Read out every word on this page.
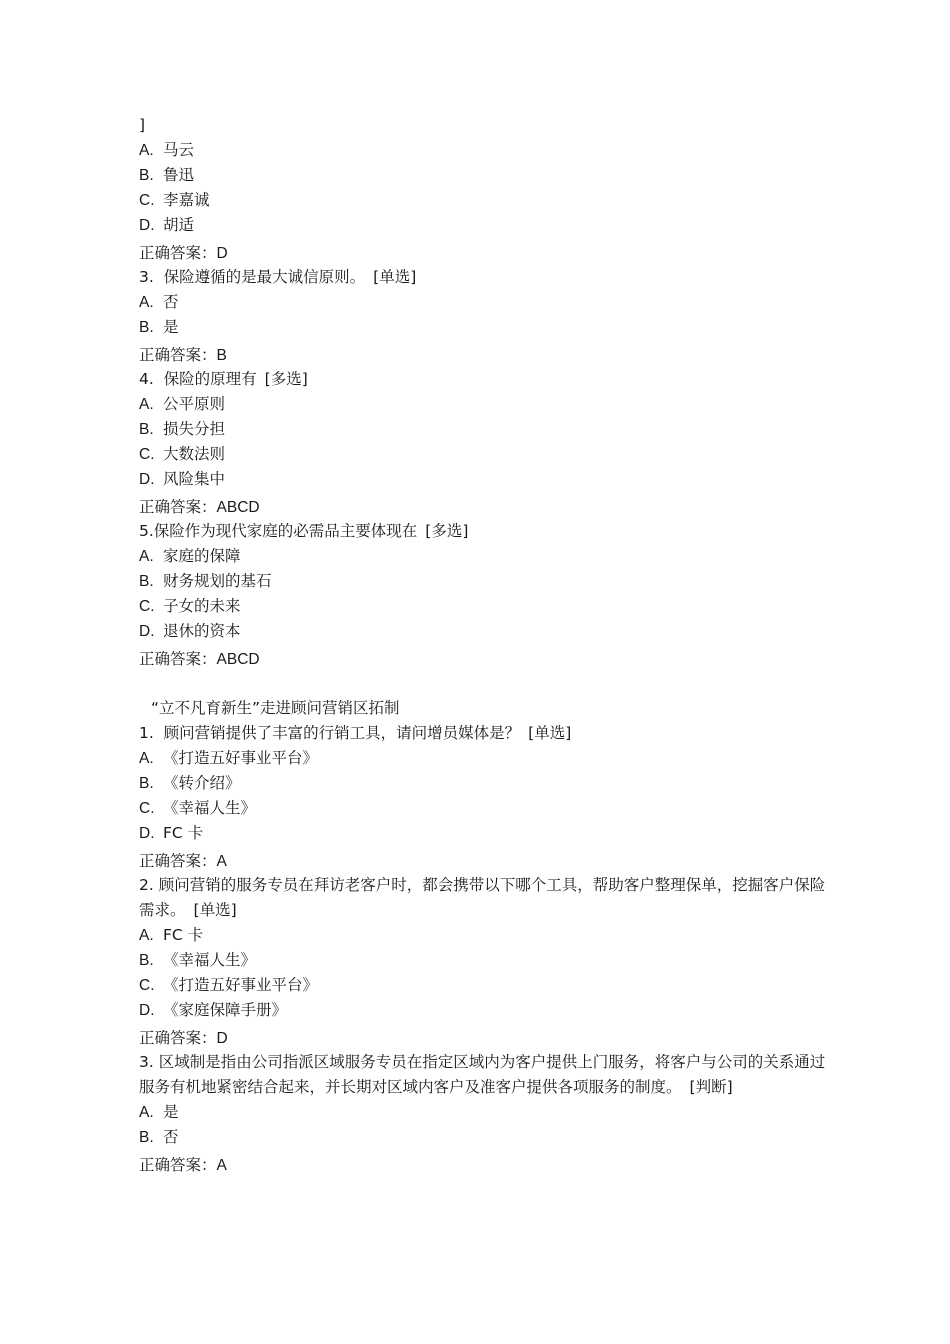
]
A. 马云
B. 鲁迅
C. 李嘉诚
D. 胡适
正确答案：D
3.  保险遵循的是最大诚信原则。 [单选]
A. 否
B. 是
正确答案：B
4.  保险的原理有 [多选]
A. 公平原则
B. 损失分担
C. 大数法则
D. 风险集中
正确答案：ABCD
5.保险作为现代家庭的必需品主要体现在 [多选]
A. 家庭的保障
B. 财务规划的基石
C. 子女的未来
D. 退休的资本
正确答案：ABCD
“立不凡育新生”走进顾问营销区拓制
1.  顾问营销提供了丰富的行销工具，请问增员媒体是？ [单选]
A. 《打造五好事业平台》
B. 《转介绍》
C. 《幸福人生》
D. FC 卡
正确答案：A
2. 顾问营销的服务专员在拜访老客户时，都会携带以下哪个工具，帮助客户整理保单，挖掘客户保险需求。 [单选]
A. FC 卡
B. 《幸福人生》
C. 《打造五好事业平台》
D. 《家庭保障手册》
正确答案：D
3. 区域制是指由公司指派区域服务专员在指定区域内为客户提供上门服务，将客户与公司的关系通过服务有机地紧密结合起来，并长期对区域内客户及准客户提供各项服务的制度。 [判断]
A. 是
B. 否
正确答案：A
